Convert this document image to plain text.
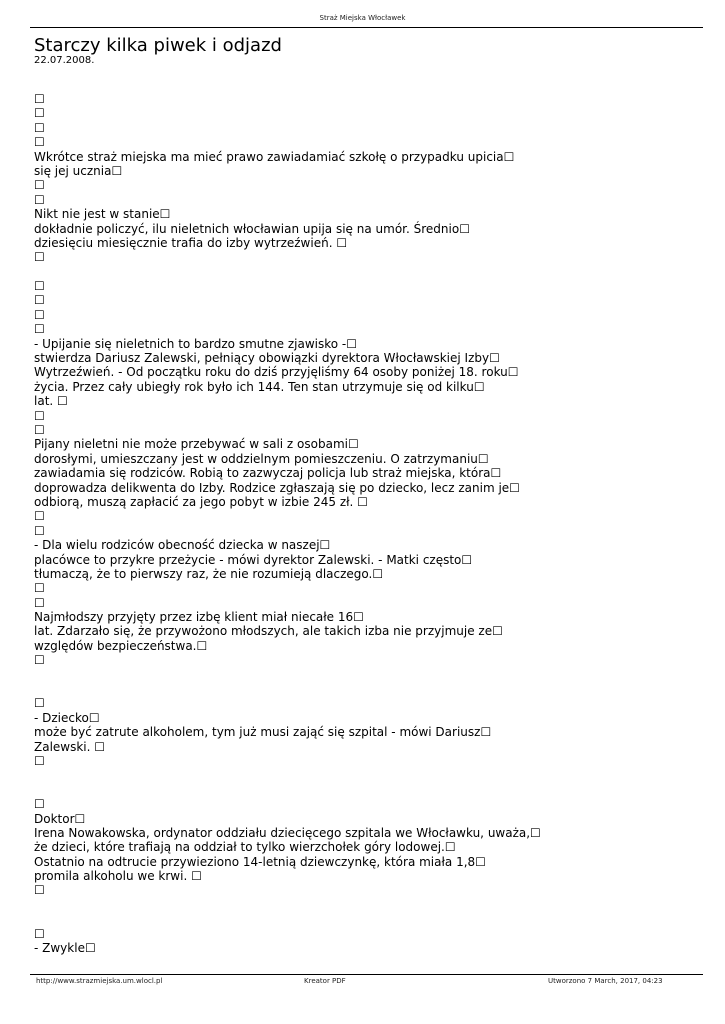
Straż Miejska Włocławek
Starczy kilka piwek i odjazd
22.07.2008.
☐
☐
☐
☐
Wkrótce straż miejska ma mieć prawo zawiadamiać szkołę o przypadku upicia☐
się jej ucznia☐
☐
☐
Nikt nie jest w stanie☐
dokładnie policzyć, ilu nieletnich włocławian upija się na umór. Średnio☐
dziesięciu miesięcznie trafia do izby wytrzeźwień. ☐
☐
☐
☐
☐
☐
- Upijanie się nieletnich to bardzo smutne zjawisko -☐
stwierdza Dariusz Zalewski, pełniący obowiązki dyrektora Włocławskiej Izby☐
Wytrzeźwień. - Od początku roku do dziś przyjęliśmy 64 osoby poniżej 18. roku☐
życia. Przez cały ubiegły rok było ich 144. Ten stan utrzymuje się od kilku☐
lat. ☐
☐
☐
Pijany nieletni nie może przebywać w sali z osobami☐
dorosłymi, umieszczany jest w oddzielnym pomieszczeniu. O zatrzymaniu☐
zawiadamia się rodziców. Robią to zazwyczaj policja lub straż miejska, która☐
doprowadza delikwenta do Izby. Rodzice zgłaszają się po dziecko, lecz zanim je☐
odbiorą, muszą zapłacić za jego pobyt w izbie 245 zł. ☐
☐
☐
- Dla wielu rodziców obecność dziecka w naszej☐
placówce to przykre przeżycie - mówi dyrektor Zalewski. - Matki często☐
tłumaczą, że to pierwszy raz, że nie rozumieją dlaczego.☐
☐
☐
Najmłodszy przyjęty przez izbę klient miał niecałe 16☐
lat. Zdarzało się, że przywożono młodszych, ale takich izba nie przyjmuje ze☐
względów bezpieczeństwa.☐
☐
☐
- Dziecko☐
może być zatrute alkoholem, tym już musi zająć się szpital - mówi Dariusz☐
Zalewski. ☐
☐
☐
Doktor☐
Irena Nowakowska, ordynator oddziału dziecięcego szpitala we Włocławku, uważa,☐
że dzieci, które trafiają na oddział to tylko wierzchołek góry lodowej.☐
Ostatnio na odtrucie przywieziono 14-letnią dziewczynkę, która miała 1,8☐
promila alkoholu we krwi. ☐
☐
☐
- Zwykle☐
http://www.strazmiejska.um.wlocl.pl	Kreator PDF	Utworzono 7 March, 2017, 04:23
